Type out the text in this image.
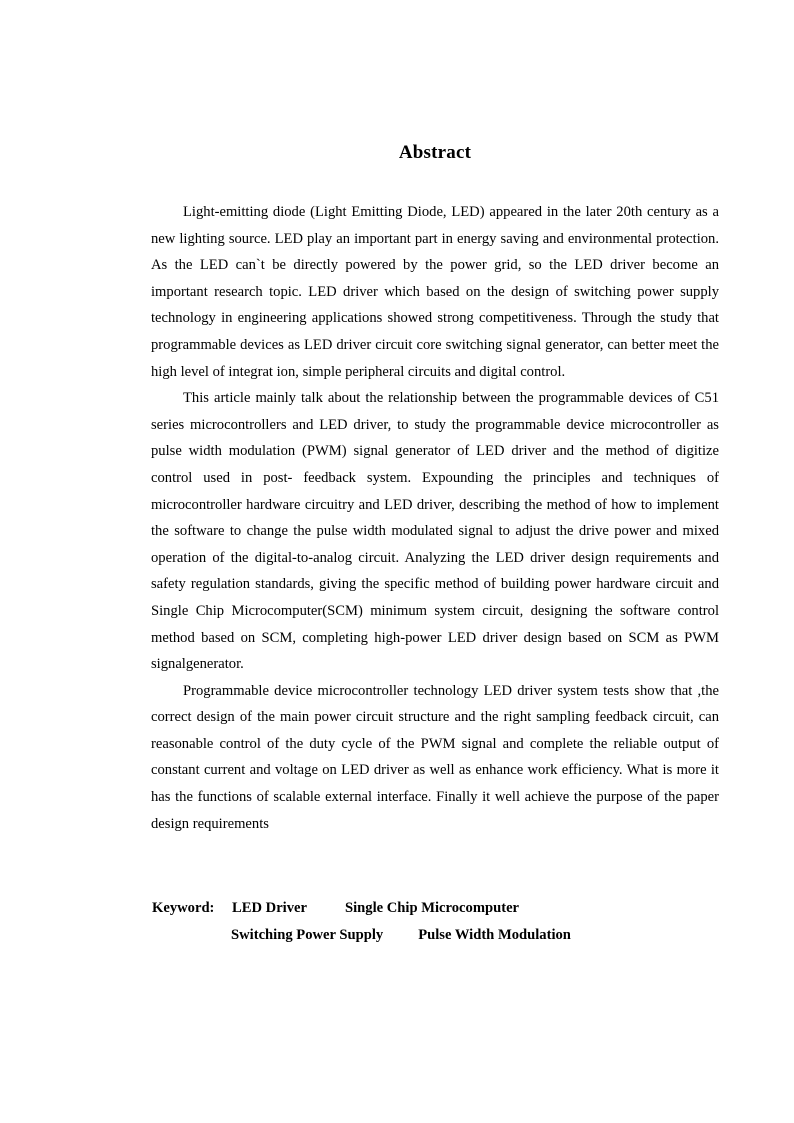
Abstract

Light-emitting diode (Light Emitting Diode, LED) appeared in the later 20th century as a new lighting source. LED play an important part in energy saving and environmental protection. As the LED can`t be directly powered by the power grid, so the LED driver become an important research topic. LED driver which based on the design of switching power supply technology in engineering applications showed strong competitiveness. Through the study that programmable devices as LED driver circuit core switching signal generator, can better meet the high level of integrat ion, simple peripheral circuits and digital control.

This article mainly talk about the relationship between the programmable devices of C51 series microcontrollers and LED driver, to study the programmable device microcontroller as pulse width modulation (PWM) signal generator of LED driver and the method of digitize control used in post- feedback system. Expounding the principles and techniques of microcontroller hardware circuitry and LED driver, describing the method of how to implement the software to change the pulse width modulated signal to adjust the drive power and mixed operation of the digital-to-analog circuit. Analyzing the LED driver design requirements and safety regulation standards, giving the specific method of building power hardware circuit and Single Chip Microcomputer(SCM) minimum system circuit, designing the software control method based on SCM, completing high-power LED driver design based on SCM as PWM signalgenerator.

Programmable device microcontroller technology LED driver system tests show that ,the correct design of the main power circuit structure and the right sampling feedback circuit, can reasonable control of the duty cycle of the PWM signal and complete the reliable output of constant current and voltage on LED driver as well as enhance work efficiency. What is more it has the functions of scalable external interface. Finally it well achieve the purpose of the paper design requirements

Keyword: LED Driver	Single Chip Microcomputer
Switching Power Supply Pulse Width Modulation
